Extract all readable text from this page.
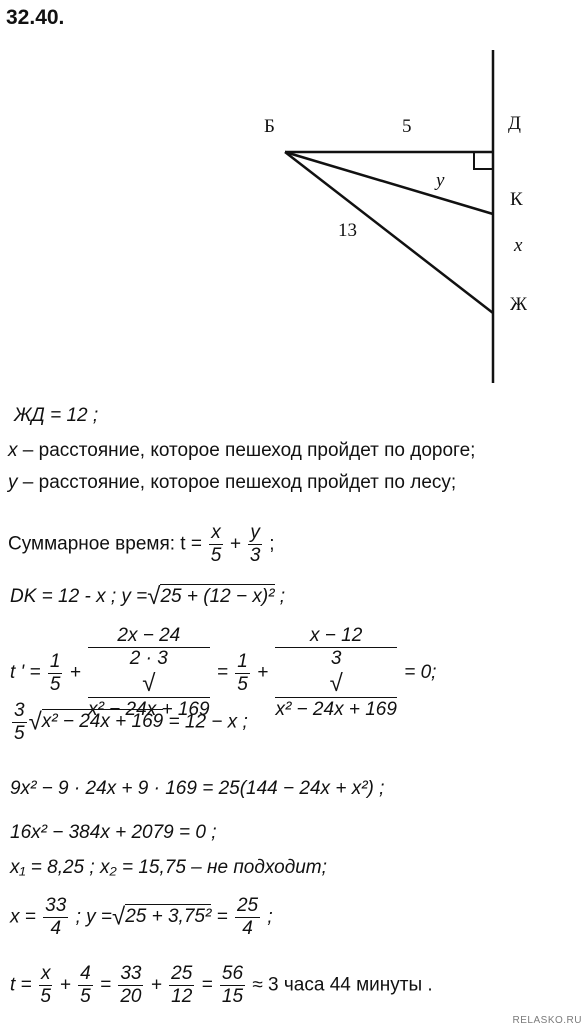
32.40.
Б	5	Д
y
К
13
x
Ж
ЖД = 12 ;
x – расстояние, которое пешеход пройдет по дороге;
y – расстояние, которое пешеход пройдет по лесу;
Суммарное время: $t = \frac{x}{5} + \frac{y}{3}$ ;
DK = 12 - x ; y =√25 + (12 − x)² ;
t ' = $\frac{1}{5} + 2x - 24$
2 · 3
√
$x^2 - 24x + 169 = \frac{1}{5} + x - 12$
3
√
x² − 24x + 169 = 0;
$\frac{3}{5} √x^2 - 24x + 169 = 12 - x$ ;
9x² − 9 · 24x + 9 · 169 = 25(144 − 24x + x²) ;
16x² − 384x + 2079 = 0 ;
x₁ = 8,25 ; x₂ = 15,75 – не подходит;
$x = \frac{33}{4}$ ; $y =√25 + 3,75^2 = \frac{25}{4}$ ;
$t = \frac{x}{5} + \frac{4}{5} = \frac{33}{20} + \frac{25}{12} = \frac{56}{15} \approx 3$ часа 44 минуты .
RELASKO.RU
